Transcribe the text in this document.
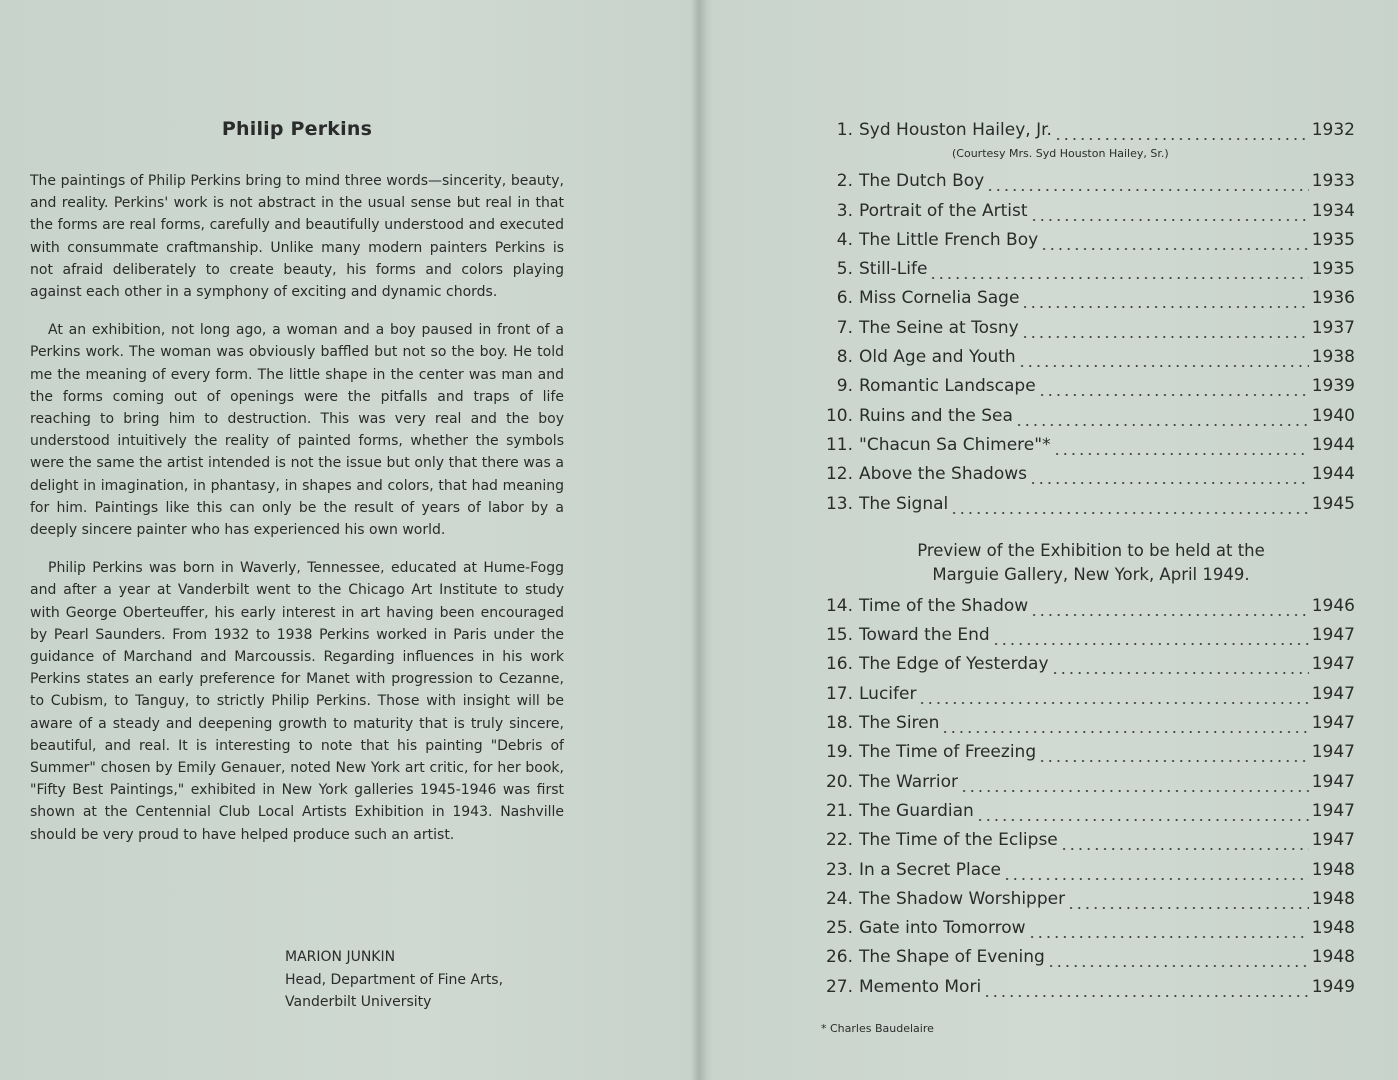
Philip Perkins

The paintings of Philip Perkins bring to mind three words—sincerity, beauty, and reality. Perkins' work is not abstract in the usual sense but real in that the forms are real forms, carefully and beautifully understood and executed with consummate craftmanship. Unlike many modern painters Perkins is not afraid deliberately to create beauty, his forms and colors playing against each other in a symphony of exciting and dynamic chords.

At an exhibition, not long ago, a woman and a boy paused in front of a Perkins work. The woman was obviously baffled but not so the boy. He told me the meaning of every form. The little shape in the center was man and the forms coming out of openings were the pitfalls and traps of life reaching to bring him to destruction. This was very real and the boy understood intuitively the reality of painted forms, whether the symbols were the same the artist intended is not the issue but only that there was a delight in imagination, in phantasy, in shapes and colors, that had meaning for him. Paintings like this can only be the result of years of labor by a deeply sincere painter who has experienced his own world.

Philip Perkins was born in Waverly, Tennessee, educated at Hume-Fogg and after a year at Vanderbilt went to the Chicago Art Institute to study with George Oberteuffer, his early interest in art having been encouraged by Pearl Saunders. From 1932 to 1938 Perkins worked in Paris under the guidance of Marchand and Marcoussis. Regarding influences in his work Perkins states an early preference for Manet with progression to Cezanne, to Cubism, to Tanguy, to strictly Philip Perkins. Those with insight will be aware of a steady and deepening growth to maturity that is truly sincere, beautiful, and real. It is interesting to note that his painting "Debris of Summer" chosen by Emily Genauer, noted New York art critic, for her book, "Fifty Best Paintings," exhibited in New York galleries 1945-1946 was first shown at the Centennial Club Local Artists Exhibition in 1943. Nashville should be very proud to have helped produce such an artist.

MARION JUNKIN
Head, Department of Fine Arts,
Vanderbilt University
1. Syd Houston Hailey, Jr.	1932
(Courtesy Mrs. Syd Houston Hailey, Sr.)
2. The Dutch Boy	1933
3. Portrait of the Artist	1934
4. The Little French Boy	1935
5. Still-Life	1935
6. Miss Cornelia Sage	1936
7. The Seine at Tosny	1937
8. Old Age and Youth	1938
9. Romantic Landscape	1939
10. Ruins and the Sea	1940
11. "Chacun Sa Chimere"*	1944
12. Above the Shadows	1944
13. The Signal	1945
Preview of the Exhibition to be held at the
Marguie Gallery, New York, April 1949.
14. Time of the Shadow	1946
15. Toward the End	1947
16. The Edge of Yesterday	1947
17. Lucifer	1947
18. The Siren	1947
19. The Time of Freezing	1947
20. The Warrior	1947
21. The Guardian	1947
22. The Time of the Eclipse	1947
23. In a Secret Place	1948
24. The Shadow Worshipper	1948
25. Gate into Tomorrow	1948
26. The Shape of Evening	1948
27. Memento Mori	1949
* Charles Baudelaire
